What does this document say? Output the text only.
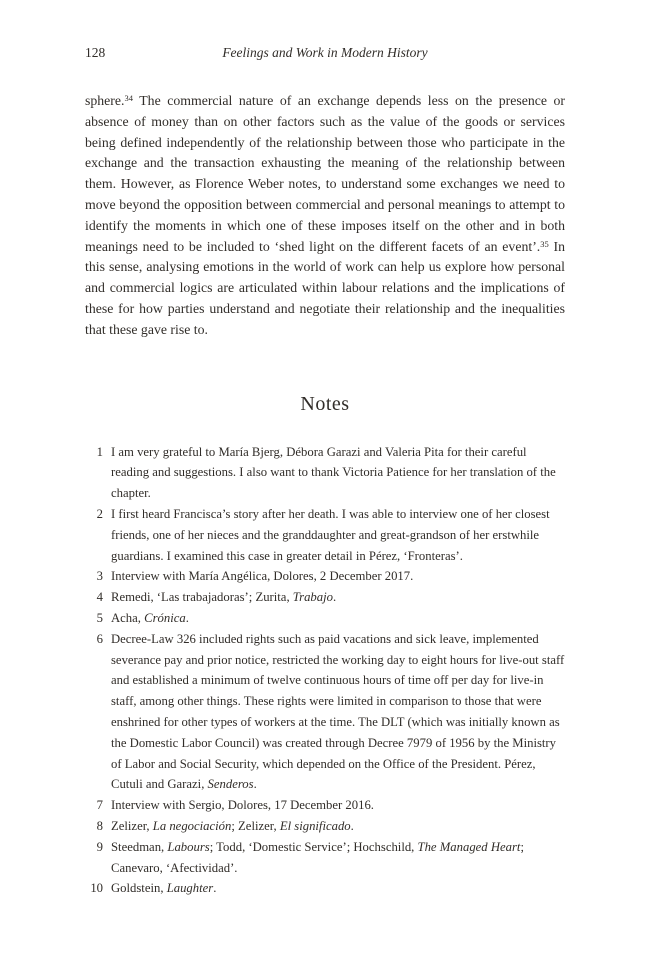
128	Feelings and Work in Modern History

sphere.$^{34}$ The commercial nature of an exchange depends less on the presence or absence of money than on other factors such as the value of the goods or services being defined independently of the relationship between those who participate in the exchange and the transaction exhausting the meaning of the relationship between them. However, as Florence Weber notes, to understand some exchanges we need to move beyond the opposition between commercial and personal meanings to attempt to identify the moments in which one of these imposes itself on the other and in both meanings need to be included to ‘shed light on the different facets of an event’.$^{35}$ In this sense, analysing emotions in the world of work can help us explore how personal and commercial logics are articulated within labour relations and the implications of these for how parties understand and negotiate their relationship and the inequalities that these gave rise to.

Notes
1 I am very grateful to María Bjerg, Débora Garazi and Valeria Pita for their careful reading and suggestions. I also want to thank Victoria Patience for her translation of the chapter.
2 I first heard Francisca’s story after her death. I was able to interview one of her closest friends, one of her nieces and the granddaughter and great-grandson of her erstwhile guardians. I examined this case in greater detail in Pérez, ‘Fronteras’.
3 Interview with María Angélica, Dolores, 2 December 2017.
4 Remedi, ‘Las trabajadoras’; Zurita, Trabajo.
5 Acha, Crónica.
6 Decree-Law 326 included rights such as paid vacations and sick leave, implemented severance pay and prior notice, restricted the working day to eight hours for live-out staff and established a minimum of twelve continuous hours of time off per day for live-in staff, among other things. These rights were limited in comparison to those that were enshrined for other types of workers at the time. The DLT (which was initially known as the Domestic Labor Council) was created through Decree 7979 of 1956 by the Ministry of Labor and Social Security, which depended on the Office of the President. Pérez, Cutuli and Garazi, Senderos.
7 Interview with Sergio, Dolores, 17 December 2016.
8 Zelizer, La negociación; Zelizer, El significado.
9 Steedman, Labours; Todd, ‘Domestic Service’; Hochschild, The Managed Heart; Canevaro, ‘Afectividad’.
10 Goldstein, Laughter.
